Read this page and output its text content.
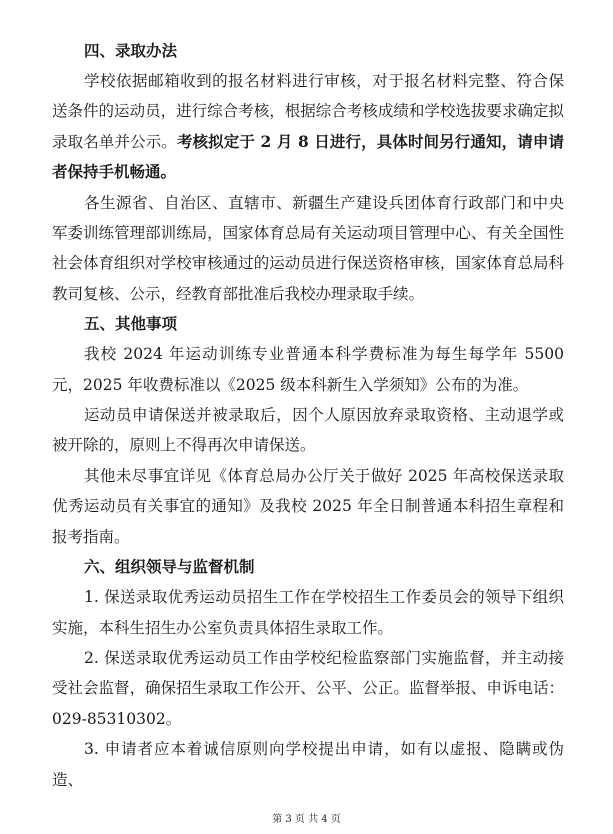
四、录取办法

学校依据邮箱收到的报名材料进行审核，对于报名材料完整、符合保送条件的运动员，进行综合考核，根据综合考核成绩和学校选拔要求确定拟录取名单并公示。考核拟定于 2 月 8 日进行，具体时间另行通知，请申请者保持手机畅通。

各生源省、自治区、直辖市、新疆生产建设兵团体育行政部门和中央军委训练管理部训练局，国家体育总局有关运动项目管理中心、有关全国性社会体育组织对学校审核通过的运动员进行保送资格审核，国家体育总局科教司复核、公示，经教育部批准后我校办理录取手续。

五、其他事项

我校 2024 年运动训练专业普通本科学费标准为每生每学年 5500 元，2025 年收费标准以《2025 级本科新生入学须知》公布的为准。

运动员申请保送并被录取后，因个人原因放弃录取资格、主动退学或被开除的，原则上不得再次申请保送。

其他未尽事宜详见《体育总局办公厅关于做好 2025 年高校保送录取优秀运动员有关事宜的通知》及我校 2025 年全日制普通本科招生章程和报考指南。

六、组织领导与监督机制

1. 保送录取优秀运动员招生工作在学校招生工作委员会的领导下组织实施，本科生招生办公室负责具体招生录取工作。

2. 保送录取优秀运动员工作由学校纪检监察部门实施监督，并主动接受社会监督，确保招生录取工作公开、公平、公正。监督举报、申诉电话：029-85310302。

3. 申请者应本着诚信原则向学校提出申请，如有以虚报、隐瞒或伪造、

第 3 页 共 4 页
